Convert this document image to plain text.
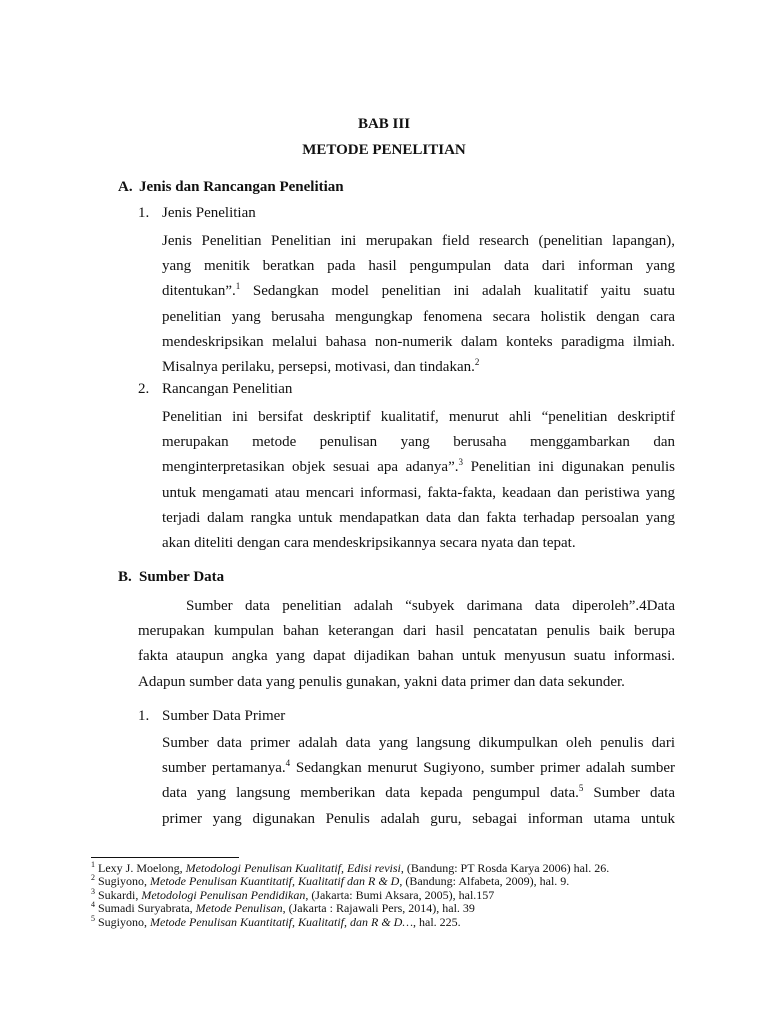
BAB III
METODE PENELITIAN
A. Jenis dan Rancangan Penelitian
1. Jenis Penelitian
Jenis Penelitian Penelitian ini merupakan field research (penelitian lapangan),
yang menitik beratkan pada hasil pengumpulan data dari informan yang
ditentukan”.$^1$ Sedangkan model penelitian ini adalah kualitatif yaitu suatu
penelitian yang berusaha mengungkap fenomena secara holistik dengan cara
mendeskripsikan melalui bahasa non-numerik dalam konteks paradigma ilmiah.
Misalnya perilaku, persepsi, motivasi, dan tindakan.$^2$
2. Rancangan Penelitian
Penelitian ini bersifat deskriptif kualitatif, menurut ahli “penelitian deskriptif
merupakan metode penulisan yang berusaha menggambarkan dan
menginterpretasikan objek sesuai apa adanya”.$^3$ Penelitian ini digunakan penulis
untuk mengamati atau mencari informasi, fakta-fakta, keadaan dan peristiwa yang
terjadi dalam rangka untuk mendapatkan data dan fakta terhadap persoalan yang
akan diteliti dengan cara mendeskripsikannya secara nyata dan tepat.
B. Sumber Data
Sumber data penelitian adalah “subyek darimana data diperoleh”.4Data
merupakan kumpulan bahan keterangan dari hasil pencatatan penulis baik berupa
fakta ataupun angka yang dapat dijadikan bahan untuk menyusun suatu informasi.
Adapun sumber data yang penulis gunakan, yakni data primer dan data sekunder.
1. Sumber Data Primer
Sumber data primer adalah data yang langsung dikumpulkan oleh penulis dari
sumber pertamanya.$^4$ Sedangkan menurut Sugiyono, sumber primer adalah sumber
data yang langsung memberikan data kepada pengumpul data.$^5$ Sumber data
primer yang digunakan Penulis adalah guru, sebagai informan utama untuk
$^1$ Lexy J. Moelong, Metodologi Penulisan Kualitatif, Edisi revisi, (Bandung: PT Rosda Karya 2006) hal. 26.
$^2$ Sugiyono, Metode Penulisan Kuantitatif, Kualitatif dan R & D, (Bandung: Alfabeta, 2009), hal. 9.
$^3$ Sukardi, Metodologi Penulisan Pendidikan, (Jakarta: Bumi Aksara, 2005), hal.157
$^4$ Sumadi Suryabrata, Metode Penulisan, (Jakarta : Rajawali Pers, 2014), hal. 39
$^5$ Sugiyono, Metode Penulisan Kuantitatif, Kualitatif, dan R & D…, hal. 225.
